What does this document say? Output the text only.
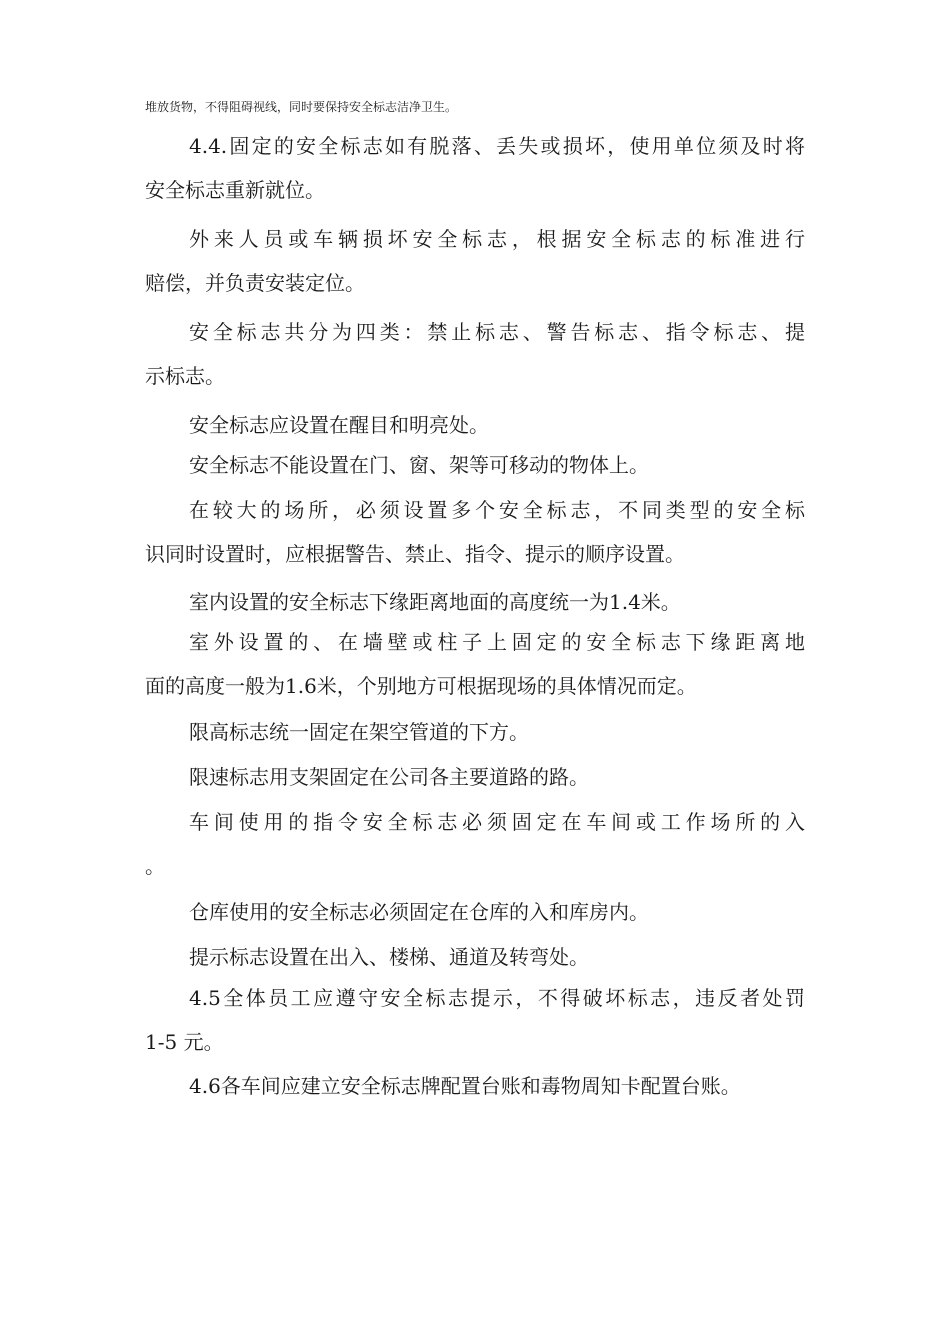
堆放货物，不得阻碍视线，同时要保持安全标志洁净卫生。

4.4.固定的安全标志如有脱落、丢失或损坏，使用单位须及时将
安全标志重新就位。

外来人员或车辆损坏安全标志，根据安全标志的标准进行
赔偿，并负责安装定位。

安全标志共分为四类：禁止标志、警告标志、指令标志、提
示标志。

安全标志应设置在醒目和明亮处。

安全标志不能设置在门、窗、架等可移动的物体上。

在较大的场所，必须设置多个安全标志，不同类型的安全标
识同时设置时，应根据警告、禁止、指令、提示的顺序设置。

室内设置的安全标志下缘距离地面的高度统一为1.4米。

室外设置的、在墙壁或柱子上固定的安全标志下缘距离地
面的高度一般为1.6米，个别地方可根据现场的具体情况而定。

限高标志统一固定在架空管道的下方。

限速标志用支架固定在公司各主要道路的路。

车间使用的指令安全标志必须固定在车间或工作场所的入
。

仓库使用的安全标志必须固定在仓库的入和库房内。

提示标志设置在出入、楼梯、通道及转弯处。

4.5全体员工应遵守安全标志提示，不得破坏标志，违反者处罚
1-5 元。

4.6各车间应建立安全标志牌配置台账和毒物周知卡配置台账。
